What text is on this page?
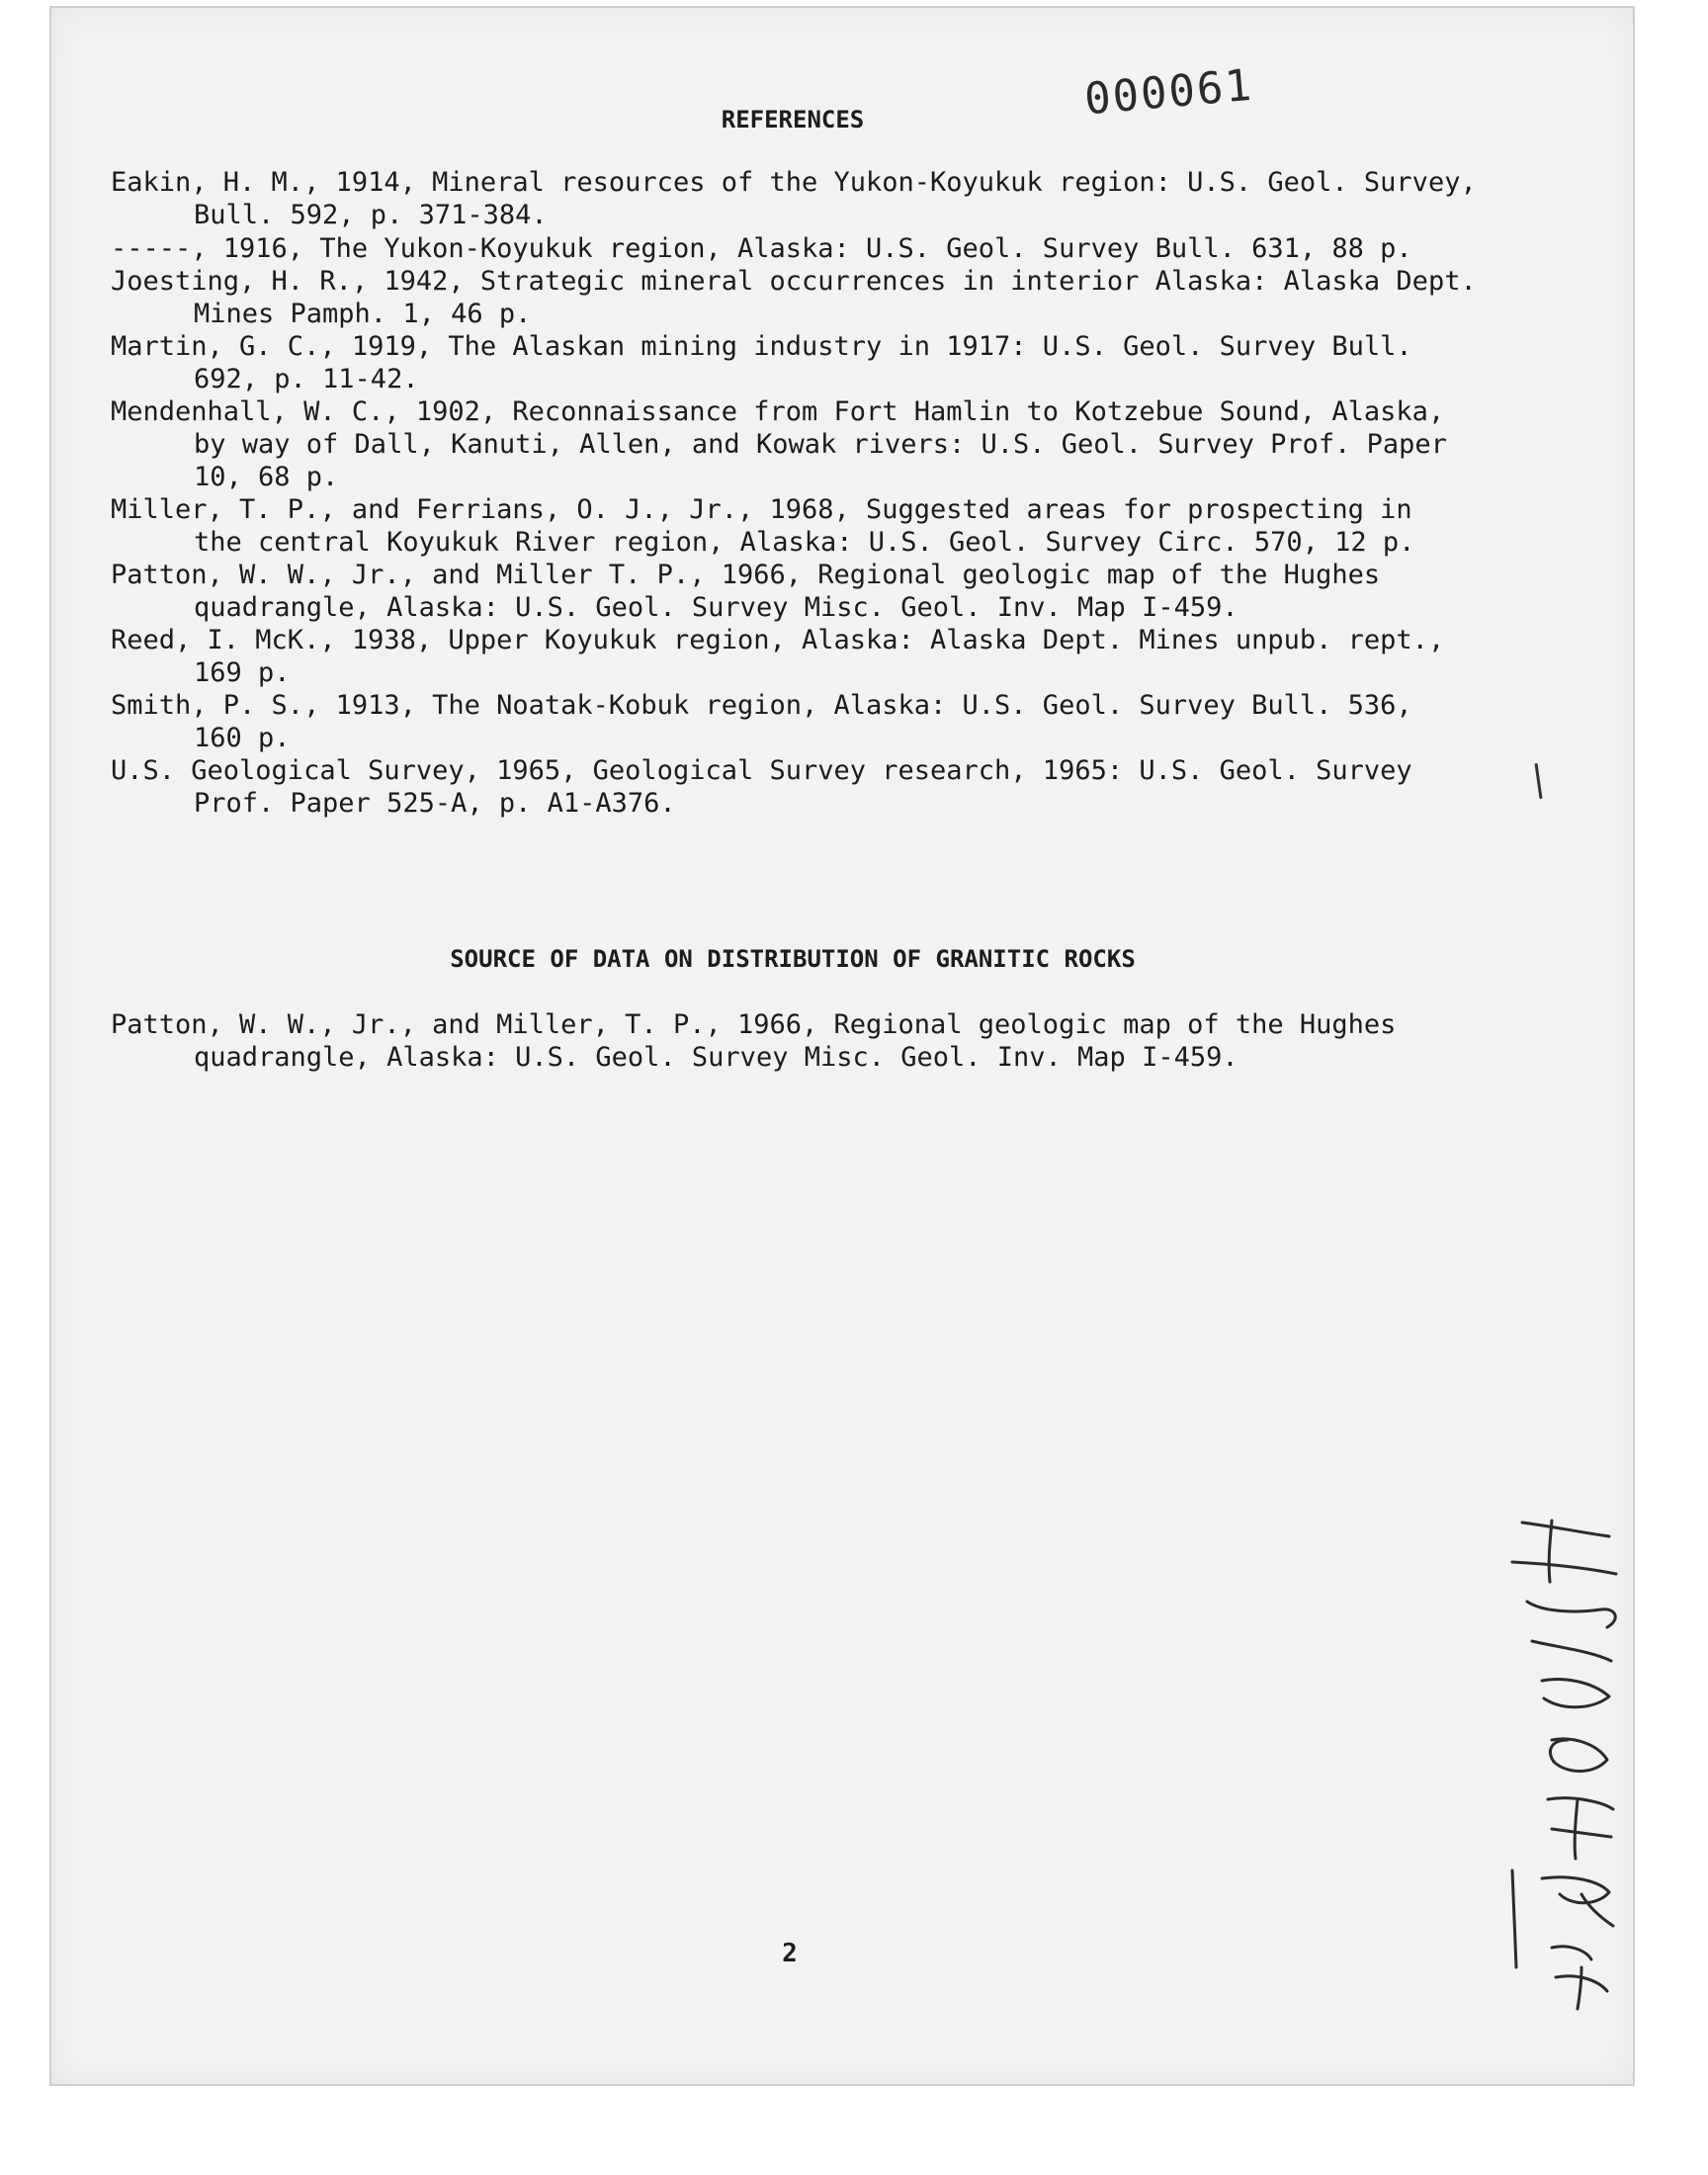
000061
REFERENCES
Eakin, H. M., 1914, Mineral resources of the Yukon-Koyukuk region: U.S. Geol. Survey,
Bull. 592, p. 371-384.
-----, 1916, The Yukon-Koyukuk region, Alaska: U.S. Geol. Survey Bull. 631, 88 p.
Joesting, H. R., 1942, Strategic mineral occurrences in interior Alaska: Alaska Dept.
Mines Pamph. 1, 46 p.
Martin, G. C., 1919, The Alaskan mining industry in 1917: U.S. Geol. Survey Bull.
692, p. 11-42.
Mendenhall, W. C., 1902, Reconnaissance from Fort Hamlin to Kotzebue Sound, Alaska,
by way of Dall, Kanuti, Allen, and Kowak rivers: U.S. Geol. Survey Prof. Paper
10, 68 p.
Miller, T. P., and Ferrians, O. J., Jr., 1968, Suggested areas for prospecting in
the central Koyukuk River region, Alaska: U.S. Geol. Survey Circ. 570, 12 p.
Patton, W. W., Jr., and Miller T. P., 1966, Regional geologic map of the Hughes
quadrangle, Alaska: U.S. Geol. Survey Misc. Geol. Inv. Map I-459.
Reed, I. McK., 1938, Upper Koyukuk region, Alaska: Alaska Dept. Mines unpub. rept.,
169 p.
Smith, P. S., 1913, The Noatak-Kobuk region, Alaska: U.S. Geol. Survey Bull. 536,
160 p.
U.S. Geological Survey, 1965, Geological Survey research, 1965: U.S. Geol. Survey
Prof. Paper 525-A, p. A1-A376.
SOURCE OF DATA ON DISTRIBUTION OF GRANITIC ROCKS
Patton, W. W., Jr., and Miller, T. P., 1966, Regional geologic map of the Hughes
quadrangle, Alaska: U.S. Geol. Survey Misc. Geol. Inv. Map I-459.
2
